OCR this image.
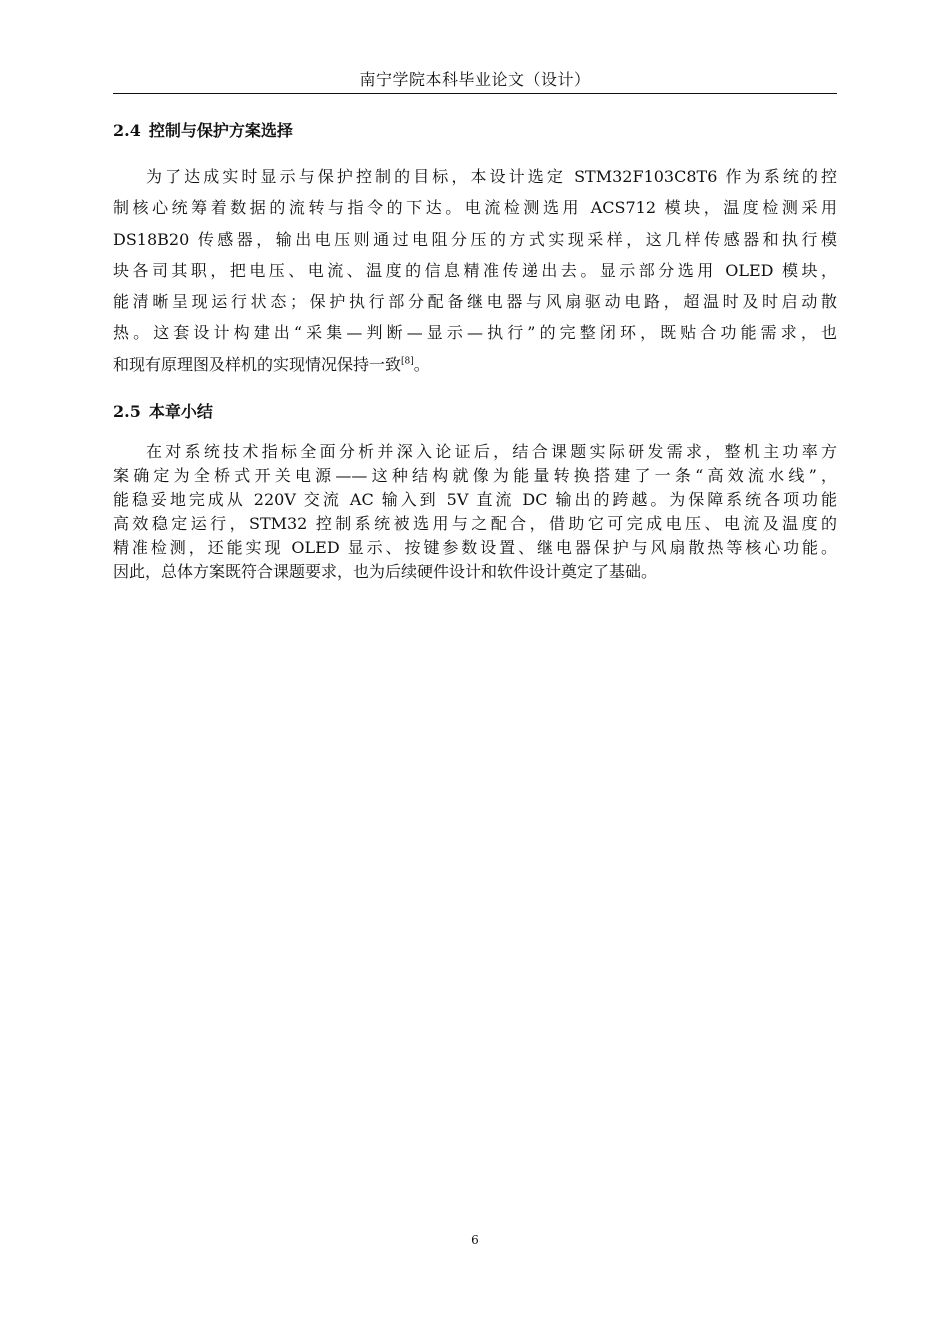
南宁学院本科毕业论文（设计）
2.4 控制与保护方案选择
为了达成实时显示与保护控制的目标，本设计选定 STM32F103C8T6 作为系统的控
制核心统筹着数据的流转与指令的下达。电流检测选用 ACS712 模块，温度检测采用
DS18B20 传感器，输出电压则通过电阻分压的方式实现采样，这几样传感器和执行模
块各司其职，把电压、电流、温度的信息精准传递出去。显示部分选用 OLED 模块，
能清晰呈现运行状态；保护执行部分配备继电器与风扇驱动电路，超温时及时启动散
热。这套设计构建出“采集—判断—显示—执行”的完整闭环，既贴合功能需求，也
和现有原理图及样机的实现情况保持一致[8]。
2.5 本章小结
在对系统技术指标全面分析并深入论证后，结合课题实际研发需求，整机主功率方
案确定为全桥式开关电源——这种结构就像为能量转换搭建了一条“高效流水线”，
能稳妥地完成从 220V 交流 AC 输入到 5V 直流 DC 输出的跨越。为保障系统各项功能
高效稳定运行，STM32 控制系统被选用与之配合，借助它可完成电压、电流及温度的
精准检测，还能实现 OLED 显示、按键参数设置、继电器保护与风扇散热等核心功能。
因此，总体方案既符合课题要求，也为后续硬件设计和软件设计奠定了基础。
6
